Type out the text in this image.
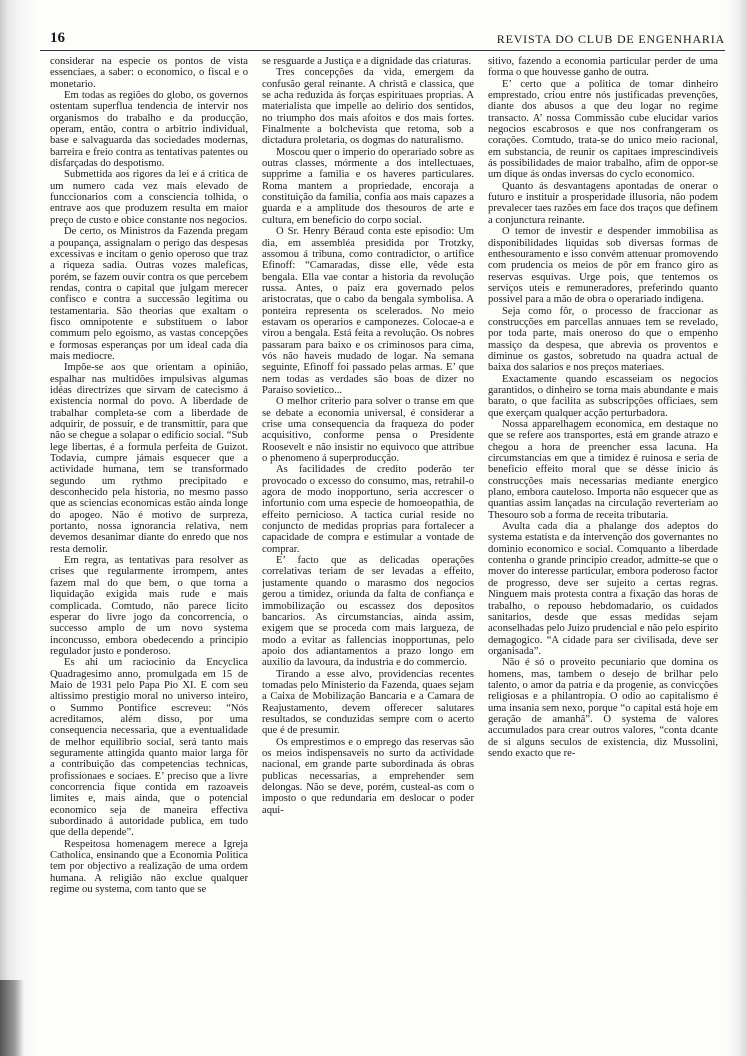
16	REVISTA DO CLUB DE ENGENHARIA

considerar na especie os pontos de vista essenciaes, a saber: o economico, o fiscal e o monetario.

Em todas as regiões do globo, os governos ostentam superflua tendencia de intervir nos organismos do trabalho e da producção, operam, então, contra o arbitrio individual, base e salvaguarda das sociedades modernas, barreira e freio contra as tentativas patentes ou disfarçadas do despotismo.

Submettida aos rigores da lei e á critica de um numero cada vez mais elevado de funccionarios com a consciencia tolhida, o entrave aos que produzem resulta em maior preço de custo e obice constante nos negocios.

De certo, os Ministros da Fazenda pregam a poupança, assignalam o perigo das despesas excessivas e incitam o genio operoso que traz a riqueza sadia. Outras vozes maleficas, porém, se fazem ouvir contra os que percebem rendas, contra o capital que julgam merecer confisco e contra a successão legitima ou testamentaria. São theorias que exaltam o fisco omnipotente e substituem o labor commum pelo egoismo, as vastas concepções e formosas esperanças por um ideal cada dia mais mediocre.

Impõe-se aos que orientam a opinião, espalhar nas multidões impulsivas algumas idéas directrizes que sirvam de catecismo á existencia normal do povo. A liberdade de trabalhar completa-se com a liberdade de adquirir, de possuir, e de transmittir, para que não se chegue a solapar o edificio social. “Sub lege libertas, é a formula perfeita de Guizot. Todavia, cumpre jámais esquecer que a actividade humana, tem se transformado segundo um rythmo precipitado e desconhecido pela historia, no mesmo passo que as sciencias economicas estão ainda longe do apogeo. Não é motivo de surpreza, portanto, nossa ignorancia relativa, nem devemos desanimar diante do enredo que nos resta demolir.

Em regra, as tentativas para resolver as crises que regularmente irrompem, antes fazem mal do que bem, o que torna a liquidação exigida mais rude e mais complicada. Comtudo, não parece licito esperar do livre jogo da concorrencia, o successo amplo de um novo systema inconcusso, embora obedecendo a principio regulador justo e ponderoso.

Es ahi um raciocinio da Encyclica Quadragesimo anno, promulgada em 15 de Maio de 1931 pelo Papa Pio XI. E com seu altissimo prestigio moral no universo inteiro, o Summo Pontifice escreveu: “Nós acreditamos, além disso, por uma consequencia necessaria, que a eventualidade de melhor equilibrio social, será tanto mais seguramente attingida quanto maior larga fôr a contribuição das competencias technicas, profissionaes e sociaes. E’ preciso que a livre concorrencia fique contida em razoaveis limites e, mais ainda, que o potencial economico seja de maneira effectiva subordinado á autoridade publica, em tudo que della depende”.

Respeitosa homenagem merece a Igreja Catholica, ensinando que a Economia Politica tem por objectivo a realização de uma ordem humana. A religião não exclue qualquer regime ou systema, com tanto que se

se resguarde a Justiça e a dignidade das criaturas.

Tres concepções da vida, emergem da confusão geral reinante. A christã e classica, que se acha reduzida ás forças espirituaes proprias. A materialista que impelle ao delirio dos sentidos, no triumpho dos mais afoitos e dos mais fortes. Finalmente a bolchevista que retoma, sob a dictadura proletaria, os dogmas do naturalismo.

Moscou quer o imperio do operariado sobre as outras classes, mórmente a dos intellectuaes, supprime a familia e os haveres particulares. Roma mantem a propriedade, encoraja a constituição da familia, confia aos mais capazes a guarda e a amplitude dos thesouros de arte e cultura, em beneficio do corpo social.

O Sr. Henry Béraud conta este episodio: Um dia, em assembléa presidida por Trotzky, assomou á tribuna, como contradictor, o artifice Efinoff: “Camaradas, disse elle, vêde esta bengala. Ella vae contar a historia da revolução russa. Antes, o paiz era governado pelos aristocratas, que o cabo da bengala symbolisa. A ponteira representa os scelerados. No meio estavam os operarios e camponezes. Colocae-a e virou a bengala. Está feita a revolução. Os nobres passaram para baixo e os criminosos para cima, vós não haveis mudado de logar. Na semana seguinte, Efinoff foi passado pelas armas. E’ que nem todas as verdades são boas de dizer no Paraiso sovietico...

O melhor criterio para solver o transe em que se debate a economia universal, é considerar a crise uma consequencia da fraqueza do poder acquisitivo, conforme pensa o Presidente Roosevelt e não insistir no equivoco que attribue o phenomeno á superproducção.

As facilidades de credito poderão ter provocado o excesso do consumo, mas, retrahil-o agora de modo inopportuno, seria accrescer o infortunio com uma especie de homoeopathia, de effeito pernicioso. A tactica curial reside no conjuncto de medidas proprias para fortalecer a capacidade de compra e estimular a vontade de comprar.

E’ facto que as delicadas operações correlativas teriam de ser levadas a effeito, justamente quando o marasmo dos negocios gerou a timidez, oriunda da falta de confiança e immobilização ou escassez dos depositos bancarios. As circumstancias, ainda assim, exigem que se proceda com mais largueza, de modo a evitar as fallencias inopportunas, pelo apoio dos adiantamentos a prazo longo em auxilio da lavoura, da industria e do commercio.

Tirando a esse alvo, providencias recentes tomadas pelo Ministerio da Fazenda, quaes sejam a Caixa de Mobilização Bancaria e a Camara de Reajustamento, devem offerecer salutares resultados, se conduzidas sempre com o acerto que é de presumir.

Os emprestimos e o emprego das reservas são os meios indispensaveis no surto da actividade nacional, em grande parte subordinada ás obras publicas necessarias, a emprehender sem delongas. Não se deve, porém, custeal-as com o imposto o que redundaria em deslocar o poder aqui-

sitivo, fazendo a economia particular perder de uma forma o que houvesse ganho de outra.

E’ certo que a politica de tomar dinheiro emprestado, criou entre nós justificadas prevenções, diante dos abusos a que deu logar no regime transacto. A’ nossa Commissão cube elucidar varios negocios escabrosos e que nos confrangeram os corações. Comtudo, trata-se do unico meio racional, em substancia, de reunir os capitaes imprescindiveis ás possibilidades de maior trabalho, afim de oppor-se um dique ás ondas inversas do cyclo economico.

Quanto ás desvantagens apontadas de onerar o futuro e instituir a prosperidade illusoria, não podem prevalecer taes razões em face dos traços que definem a conjunctura reinante.

O temor de investir e despender immobilisa as disponibilidades liquidas sob diversas formas de enthesouramento e isso convém attenuar promovendo com prudencia os meios de pôr em franco giro as reservas esquivas. Urge pois, que tentemos os serviços uteis e remuneradores, preferindo quanto possivel para a mão de obra o operariado indigena.

Seja como fôr, o processo de fraccionar as construcções em parcellas annuaes tem se revelado, por toda parte, mais oneroso do que o empenho massiço da despesa, que abrevia os proventos e diminue os gastos, sobretudo na quadra actual de baixa dos salarios e nos preços materiaes.

Exactamente quando escasseiam os negocios garantidos, o dinheiro se torna mais abundante e mais barato, o que facilita as subscripções officiaes, sem que exerçam qualquer acção perturbadora.

Nossa apparelhagem economica, em destaque no que se refere aos transportes, está em grande atrazo e chegou a hora de preencher essa lacuna. Ha circumstancias em que a timidez é ruinosa e seria de beneficio effeito moral que se désse inicio ás construcções mais necessarias mediante energico plano, embora cauteloso. Importa não esquecer que as quantias assim lançadas na circulação reverteriam ao Thesouro sob a forma de receita tributaria.

Avulta cada dia a phalange dos adeptos do systema estatista e da intervenção dos governantes no dominio economico e social. Comquanto a liberdade contenha o grande principio creador, admitte-se que o mover do interesse particular, embora poderoso factor de progresso, deve ser sujeito a certas regras. Ninguem mais protesta contra a fixação das horas de trabalho, o repouso hebdomadario, os cuidados sanitarios, desde que essas medidas sejam aconselhadas pelo Juizo prudencial e não pelo espirito demagogico. “A cidade para ser civilisada, deve ser organisada”.

Não é só o proveito pecuniario que domina os homens, mas, tambem o desejo de brilhar pelo talento, o amor da patria e da progenie, as convicções religiosas e a philantropia. O odio ao capitalismo é uma insania sem nexo, porque “o capital está hoje em geração de amanhã”. O systema de valores accumulados para crear outros valores, “conta dcante de si alguns seculos de existencia, diz Mussolini, sendo exacto que re-
